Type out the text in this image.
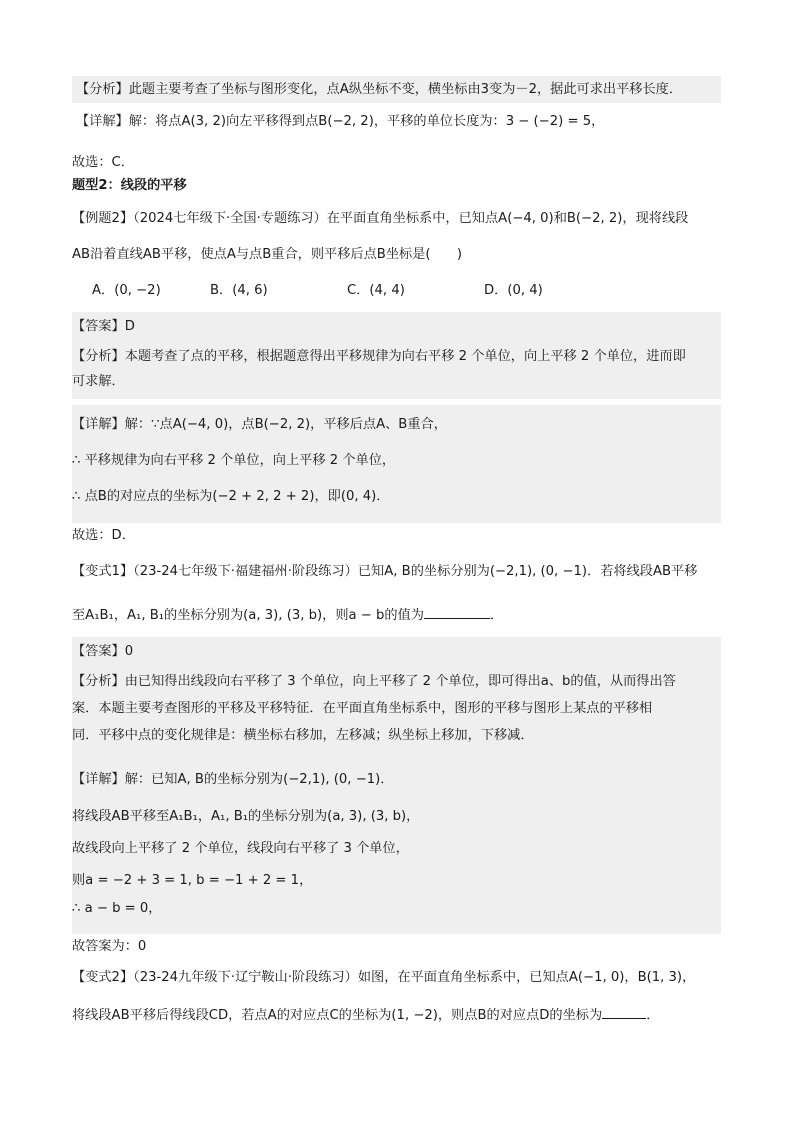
【分析】此题主要考查了坐标与图形变化，点A纵坐标不变，横坐标由3变为－2，据此可求出平移长度．
【详解】解：将点A(3, 2)向左平移得到点B(−2, 2)，平移的单位长度为：3 − (−2) = 5，
故选：C．
题型2：线段的平移
【例题2】（2024七年级下·全国·专题练习）在平面直角坐标系中，已知点A(−4, 0)和B(−2, 2)，现将线段
AB沿着直线AB平移，使点A与点B重合，则平移后点B坐标是(　　)
A．(0, −2)	B．(4, 6)	C．(4, 4)	D．(0, 4)
【答案】D
【分析】本题考查了点的平移，根据题意得出平移规律为向右平移 2 个单位，向上平移 2 个单位，进而即
可求解．
【详解】解：∵点A(−4, 0)，点B(−2, 2)，平移后点A、B重合，
∴ 平移规律为向右平移 2 个单位，向上平移 2 个单位，
∴ 点B的对应点的坐标为(−2 + 2, 2 + 2)，即(0, 4)．
故选：D．
【变式1】（23-24七年级下·福建福州·阶段练习）已知A, B的坐标分别为(−2,1), (0, −1)．若将线段AB平移
至A₁B₁，A₁, B₁的坐标分别为(a, 3), (3, b)，则a − b的值为	．
【答案】0
【分析】由已知得出线段向右平移了 3 个单位，向上平移了 2 个单位，即可得出a、b的值，从而得出答
案．本题主要考查图形的平移及平移特征．在平面直角坐标系中，图形的平移与图形上某点的平移相
同．平移中点的变化规律是：横坐标右移加，左移减；纵坐标上移加，下移减．
【详解】解：已知A, B的坐标分别为(−2,1), (0, −1)．
将线段AB平移至A₁B₁，A₁, B₁的坐标分别为(a, 3), (3, b)，
故线段向上平移了 2 个单位，线段向右平移了 3 个单位，
则a = −2 + 3 = 1, b = −1 + 2 = 1，
∴ a − b = 0，
故答案为：0
【变式2】（23-24九年级下·辽宁鞍山·阶段练习）如图，在平面直角坐标系中，已知点A(−1, 0)，B(1, 3)，
将线段AB平移后得线段CD，若点A的对应点C的坐标为(1, −2)，则点B的对应点D的坐标为	．
